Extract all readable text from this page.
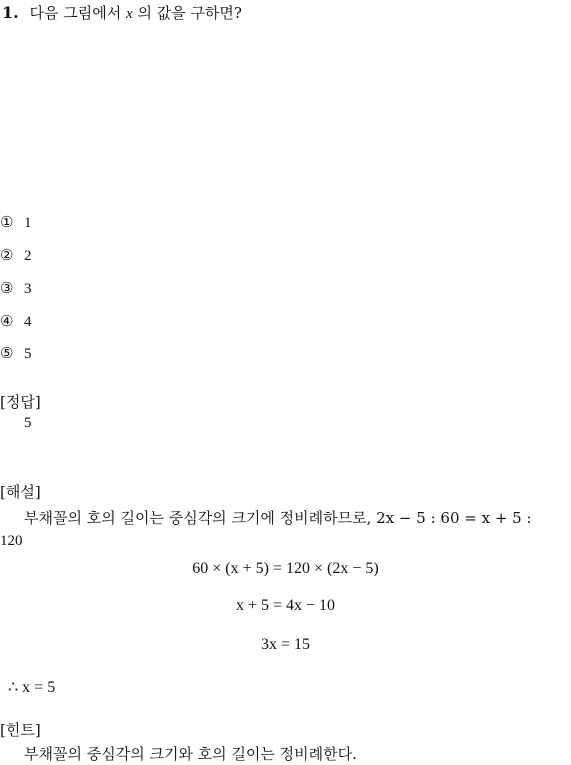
1. 다음 그림에서 x 의 값을 구하면?
① 1
② 2
③ 3
④ 4
⑤ 5
[정답]
5
[해설]
부채꼴의 호의 길이는 중심각의 크기에 정비례하므로, 2x − 5 : 60 = x + 5 :
120
60 × (x + 5) = 120 × (2x − 5)
x + 5 = 4x − 10
3x = 15
∴ x = 5
[힌트]
부채꼴의 중심각의 크기와 호의 길이는 정비례한다.
